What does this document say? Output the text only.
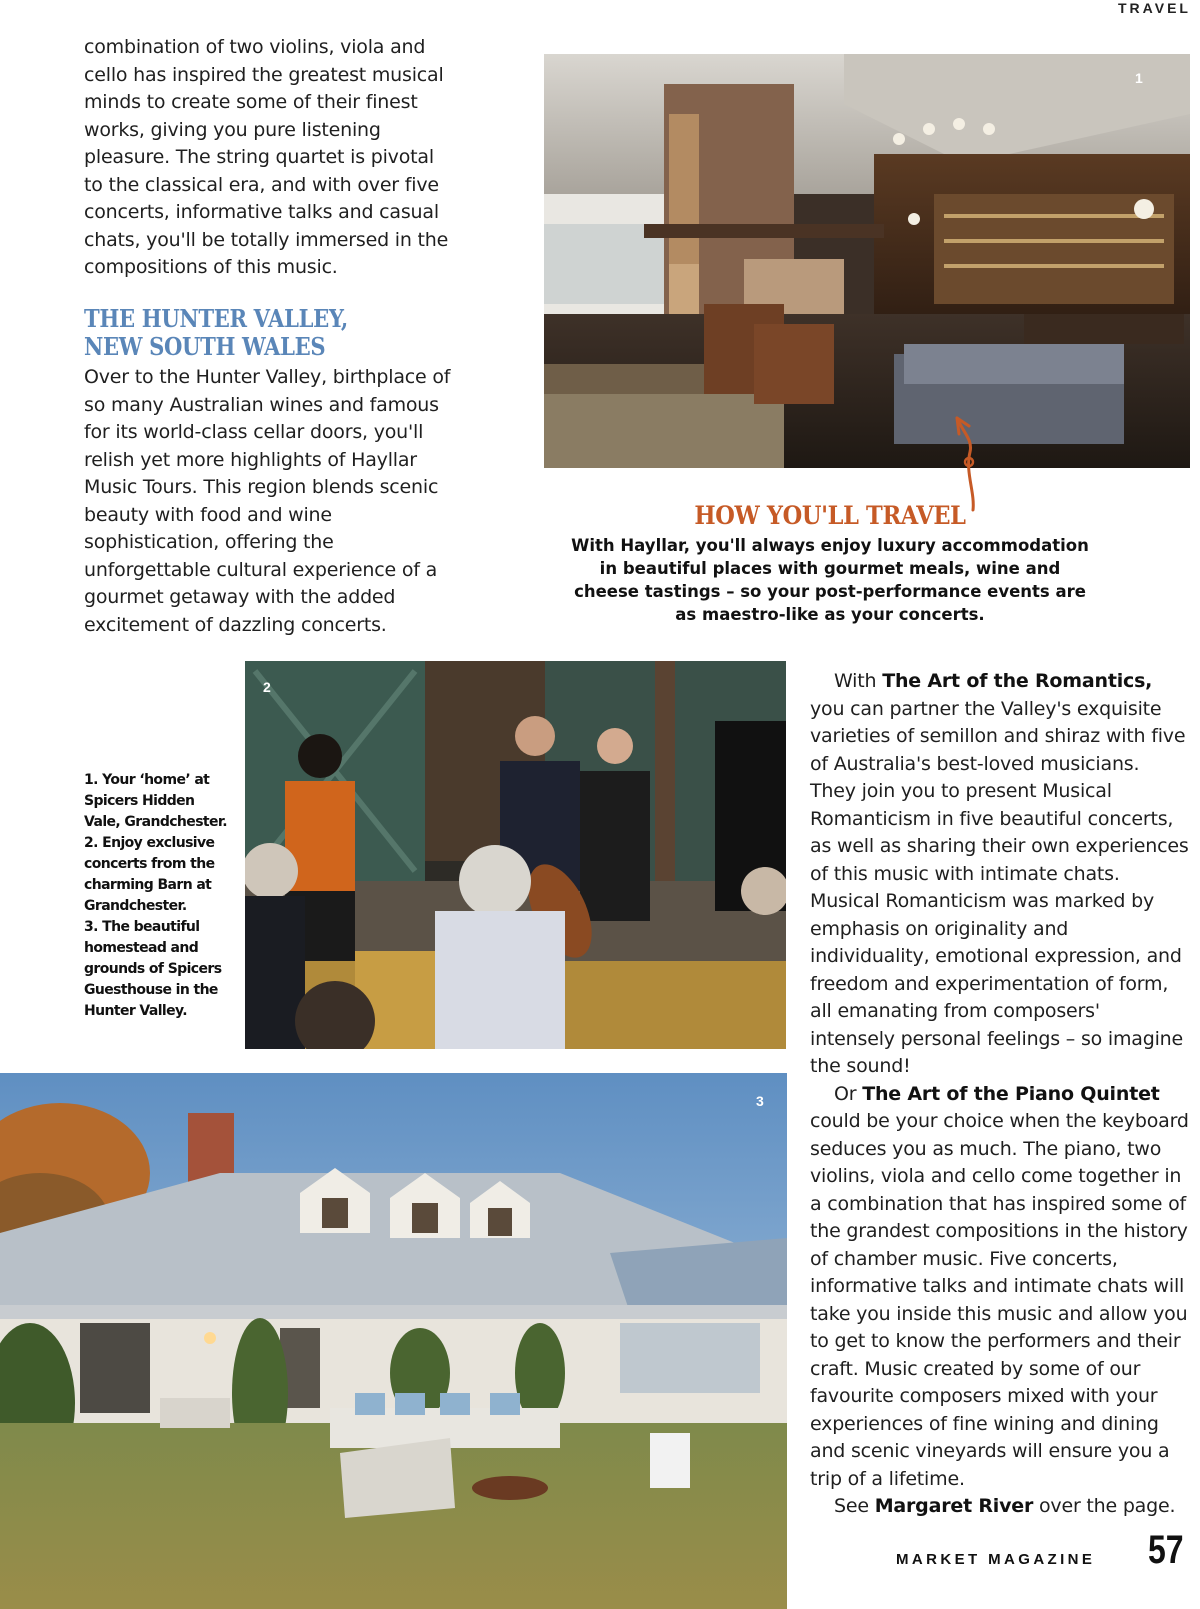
TRAVEL

combination of two violins, viola and cello has inspired the greatest musical minds to create some of their finest works, giving you pure listening pleasure. The string quartet is pivotal to the classical era, and with over five concerts, informative talks and casual chats, you'll be totally immersed in the compositions of this music.

THE HUNTER VALLEY,
NEW SOUTH WALES

Over to the Hunter Valley, birthplace of so many Australian wines and famous for its world-class cellar doors, you'll relish yet more highlights of Hayllar Music Tours. This region blends scenic beauty with food and wine sophistication, offering the unforgettable cultural experience of a gourmet getaway with the added excitement of dazzling concerts.

1
HOW YOU'LL TRAVEL
With Hayllar, you'll always enjoy luxury accommodation in beautiful places with gourmet meals, wine and cheese tastings – so your post-performance events are as maestro-like as your concerts.
2
1. Your ‘home’ at Spicers Hidden Vale, Grandchester.
2. Enjoy exclusive concerts from the charming Barn at Grandchester.
3. The beautiful homestead and grounds of Spicers Guesthouse in the Hunter Valley.
3

With The Art of the Romantics, you can partner the Valley's exquisite varieties of semillon and shiraz with five of Australia's best-loved musicians. They join you to present Musical Romanticism in five beautiful concerts, as well as sharing their own experiences of this music with intimate chats. Musical Romanticism was marked by emphasis on originality and individuality, emotional expression, and freedom and experimentation of form, all emanating from composers' intensely personal feelings – so imagine the sound!

Or The Art of the Piano Quintet could be your choice when the keyboard seduces you as much. The piano, two violins, viola and cello come together in a combination that has inspired some of the grandest compositions in the history of chamber music. Five concerts, informative talks and intimate chats will take you inside this music and allow you to get to know the performers and their craft. Music created by some of our favourite composers mixed with your experiences of fine wining and dining and scenic vineyards will ensure you a trip of a lifetime.

See Margaret River over the page.

MARKET MAGAZINE 57
